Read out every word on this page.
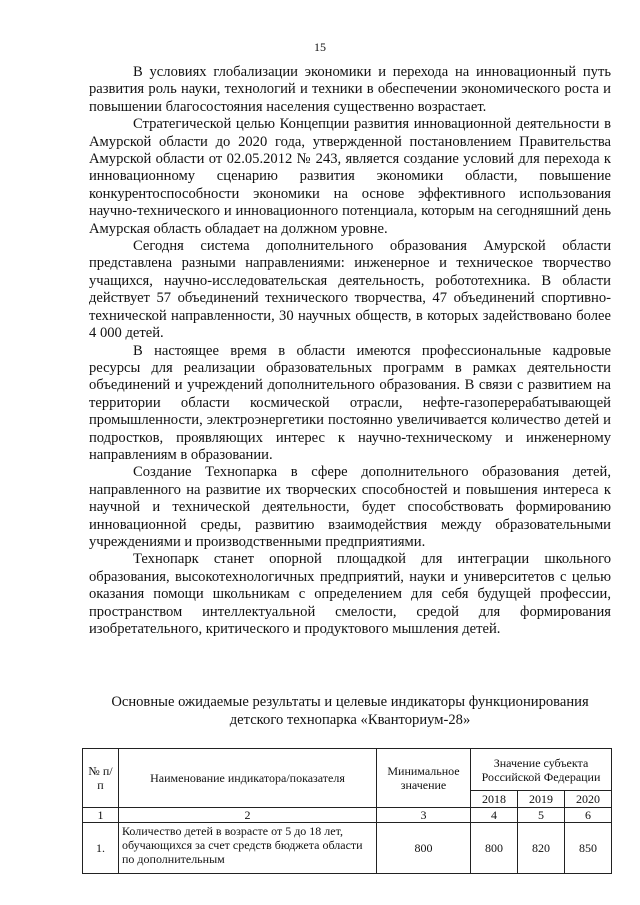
15

В условиях глобализации экономики и перехода на инновационный путь развития роль науки, технологий и техники в обеспечении экономического роста и повышении благосостояния населения существенно возрастает.

Стратегической целью Концепции развития инновационной деятельности в Амурской области до 2020 года, утвержденной постановлением Правительства Амурской области от 02.05.2012 № 243, является создание условий для перехода к инновационному сценарию развития экономики области, повышение конкурентоспособности экономики на основе эффективного использования научно-технического и инновационного потенциала, которым на сегодняшний день Амурская область обладает на должном уровне.

Сегодня система дополнительного образования Амурской области представлена разными направлениями: инженерное и техническое творчество учащихся, научно-исследовательская деятельность, робототехника. В области действует 57 объединений технического творчества, 47 объединений спортивно-технической направленности, 30 научных обществ, в которых задействовано более 4 000 детей.

В настоящее время в области имеются профессиональные кадровые ресурсы для реализации образовательных программ в рамках деятельности объединений и учреждений дополнительного образования. В связи с развитием на территории области космической отрасли, нефте-газоперерабатывающей промышленности, электроэнергетики постоянно увеличивается количество детей и подростков, проявляющих интерес к научно-техническому и инженерному направлениям в образовании.

Создание Технопарка в сфере дополнительного образования детей, направленного на развитие их творческих способностей и повышения интереса к научной и технической деятельности, будет способствовать формированию инновационной среды, развитию взаимодействия между образовательными учреждениями и производственными предприятиями.

Технопарк станет опорной площадкой для интеграции школьного образования, высокотехнологичных предприятий, науки и университетов с целью оказания помощи школьникам с определением для себя будущей профессии, пространством интеллектуальной смелости, средой для формирования изобретательного, критического и продуктового мышления детей.

Основные ожидаемые результаты и целевые индикаторы функционирования
детского технопарка «Кванториум-28»
№ п/п	Наименование индикатора/показателя	Минимальное значение	Значение субъекта Российской Федерации		
			2018	2019	2020
1	2	3	4	5	6
1.	Количество детей в возрасте от 5 до 18 лет, обучающихся за счет средств бюджета области по дополнительным	800	800	820	850
